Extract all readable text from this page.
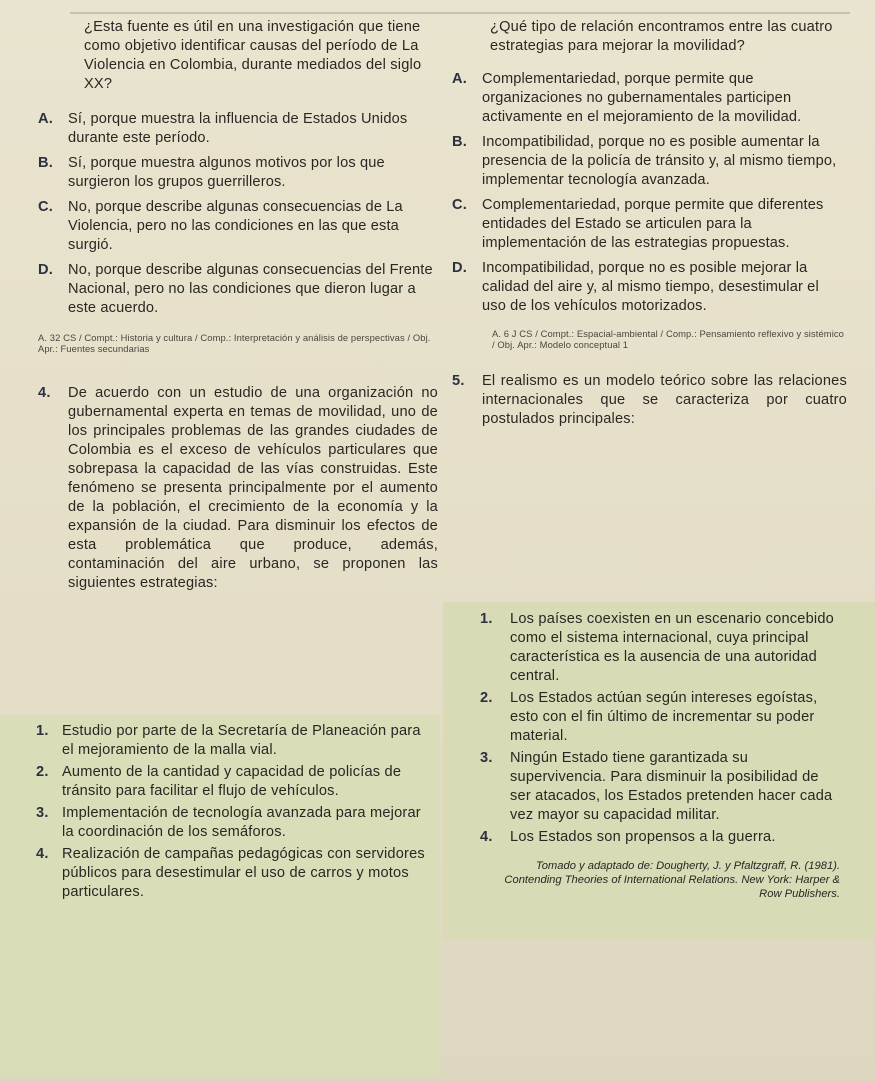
¿Esta fuente es útil en una investigación que tiene como objetivo identificar causas del período de La Violencia en Colombia, durante mediados del siglo XX?

A.	Sí, porque muestra la influencia de Estados Unidos durante este período.
B.	Sí, porque muestra algunos motivos por los que surgieron los grupos guerrilleros.
C.	No, porque describe algunas consecuencias de La Violencia, pero no las condiciones en las que esta surgió.
D.	No, porque describe algunas consecuencias del Frente Nacional, pero no las condiciones que dieron lugar a este acuerdo.
A. 32 CS / Compt.: Historia y cultura / Comp.: Interpretación y análisis de perspectivas / Obj. Apr.: Fuentes secundarias
4.	De acuerdo con un estudio de una organización no gubernamental experta en temas de movilidad, uno de los principales problemas de las grandes ciudades de Colombia es el exceso de vehículos particulares que sobrepasa la capacidad de las vías construidas. Este fenómeno se presenta principalmente por el aumento de la población, el crecimiento de la economía y la expansión de la ciudad. Para disminuir los efectos de esta problemática que produce, además, contaminación del aire urbano, se proponen las siguientes estrategias:
1. Estudio por parte de la Secretaría de Planeación para el mejoramiento de la malla vial.
2. Aumento de la cantidad y capacidad de policías de tránsito para facilitar el flujo de vehículos.
3. Implementación de tecnología avanzada para mejorar la coordinación de los semáforos.
4. Realización de campañas pedagógicas con servidores públicos para desestimular el uso de carros y motos particulares.

¿Qué tipo de relación encontramos entre las cuatro estrategias para mejorar la movilidad?

A.	Complementariedad, porque permite que organizaciones no gubernamentales participen activamente en el mejoramiento de la movilidad.
B.	Incompatibilidad, porque no es posible aumentar la presencia de la policía de tránsito y, al mismo tiempo, implementar tecnología avanzada.
C.	Complementariedad, porque permite que diferentes entidades del Estado se articulen para la implementación de las estrategias propuestas.
D.	Incompatibilidad, porque no es posible mejorar la calidad del aire y, al mismo tiempo, desestimular el uso de los vehículos motorizados.
A. 6 J CS / Compt.: Espacial-ambiental / Comp.: Pensamiento reflexivo y sistémico / Obj. Apr.: Modelo conceptual 1
5.	El realismo es un modelo teórico sobre las relaciones internacionales que se caracteriza por cuatro postulados principales:
1.	Los países coexisten en un escenario concebido como el sistema internacional, cuya principal característica es la ausencia de una autoridad central.
2.	Los Estados actúan según intereses egoístas, esto con el fin último de incrementar su poder material.
3.	Ningún Estado tiene garantizada su supervivencia. Para disminuir la posibilidad de ser atacados, los Estados pretenden hacer cada vez mayor su capacidad militar.
4.	Los Estados son propensos a la guerra.
Tomado y adaptado de: Dougherty, J. y Pfaltzgraff, R. (1981). Contending Theories of International Relations. New York: Harper & Row Publishers.
